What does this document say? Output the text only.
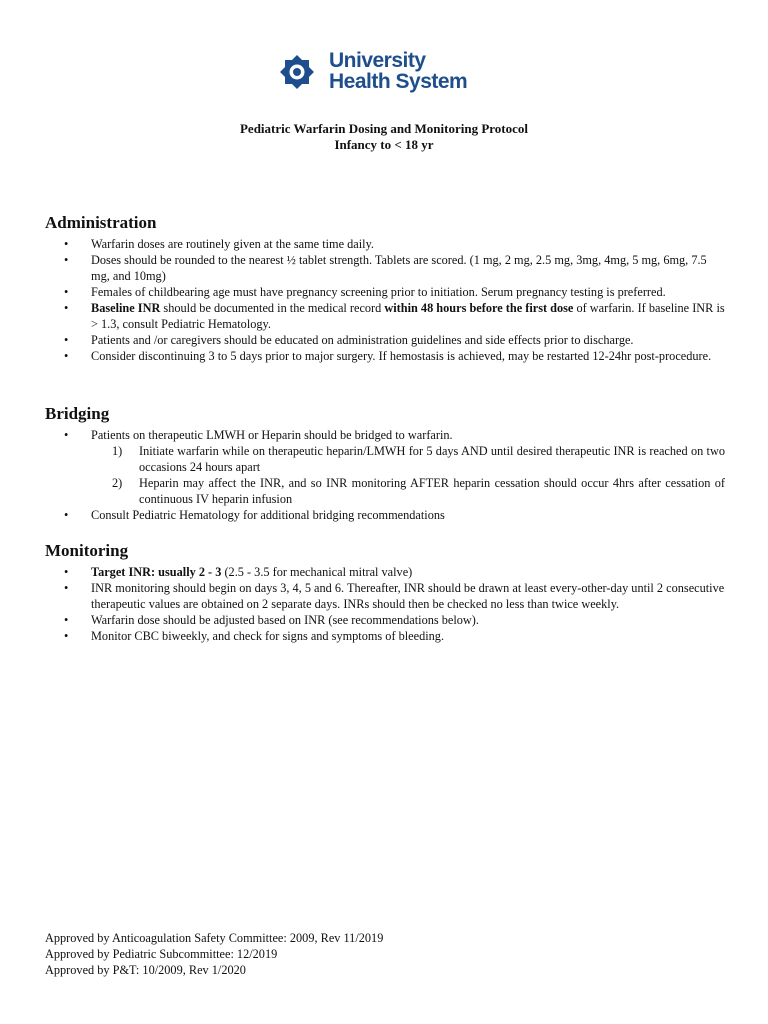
University
Health System
Pediatric Warfarin Dosing and Monitoring Protocol
Infancy to < 18 yr
Administration
• Warfarin doses are routinely given at the same time daily.
• Doses should be rounded to the nearest ½ tablet strength. Tablets are scored. (1 mg, 2 mg, 2.5 mg, 3mg, 4mg, 5 mg, 6mg, 7.5 mg, and 10mg)
• Females of childbearing age must have pregnancy screening prior to initiation. Serum pregnancy testing is preferred.
• Baseline INR should be documented in the medical record within 48 hours before the first dose of warfarin. If baseline INR is > 1.3, consult Pediatric Hematology.
• Patients and /or caregivers should be educated on administration guidelines and side effects prior to discharge.
• Consider discontinuing 3 to 5 days prior to major surgery. If hemostasis is achieved, may be restarted 12-24hr post-procedure.
Bridging
• Patients on therapeutic LMWH or Heparin should be bridged to warfarin.
1) Initiate warfarin while on therapeutic heparin/LMWH for 5 days AND until desired therapeutic INR is reached on two occasions 24 hours apart
2) Heparin may affect the INR, and so INR monitoring AFTER heparin cessation should occur 4hrs after cessation of continuous IV heparin infusion
• Consult Pediatric Hematology for additional bridging recommendations
Monitoring
• Target INR: usually 2 - 3 (2.5 - 3.5 for mechanical mitral valve)
• INR monitoring should begin on days 3, 4, 5 and 6. Thereafter, INR should be drawn at least every-other-day until 2 consecutive therapeutic values are obtained on 2 separate days. INRs should then be checked no less than twice weekly.
• Warfarin dose should be adjusted based on INR (see recommendations below).
• Monitor CBC biweekly, and check for signs and symptoms of bleeding.
Approved by Anticoagulation Safety Committee: 2009, Rev 11/2019
Approved by Pediatric Subcommittee: 12/2019
Approved by P&T: 10/2009, Rev 1/2020
